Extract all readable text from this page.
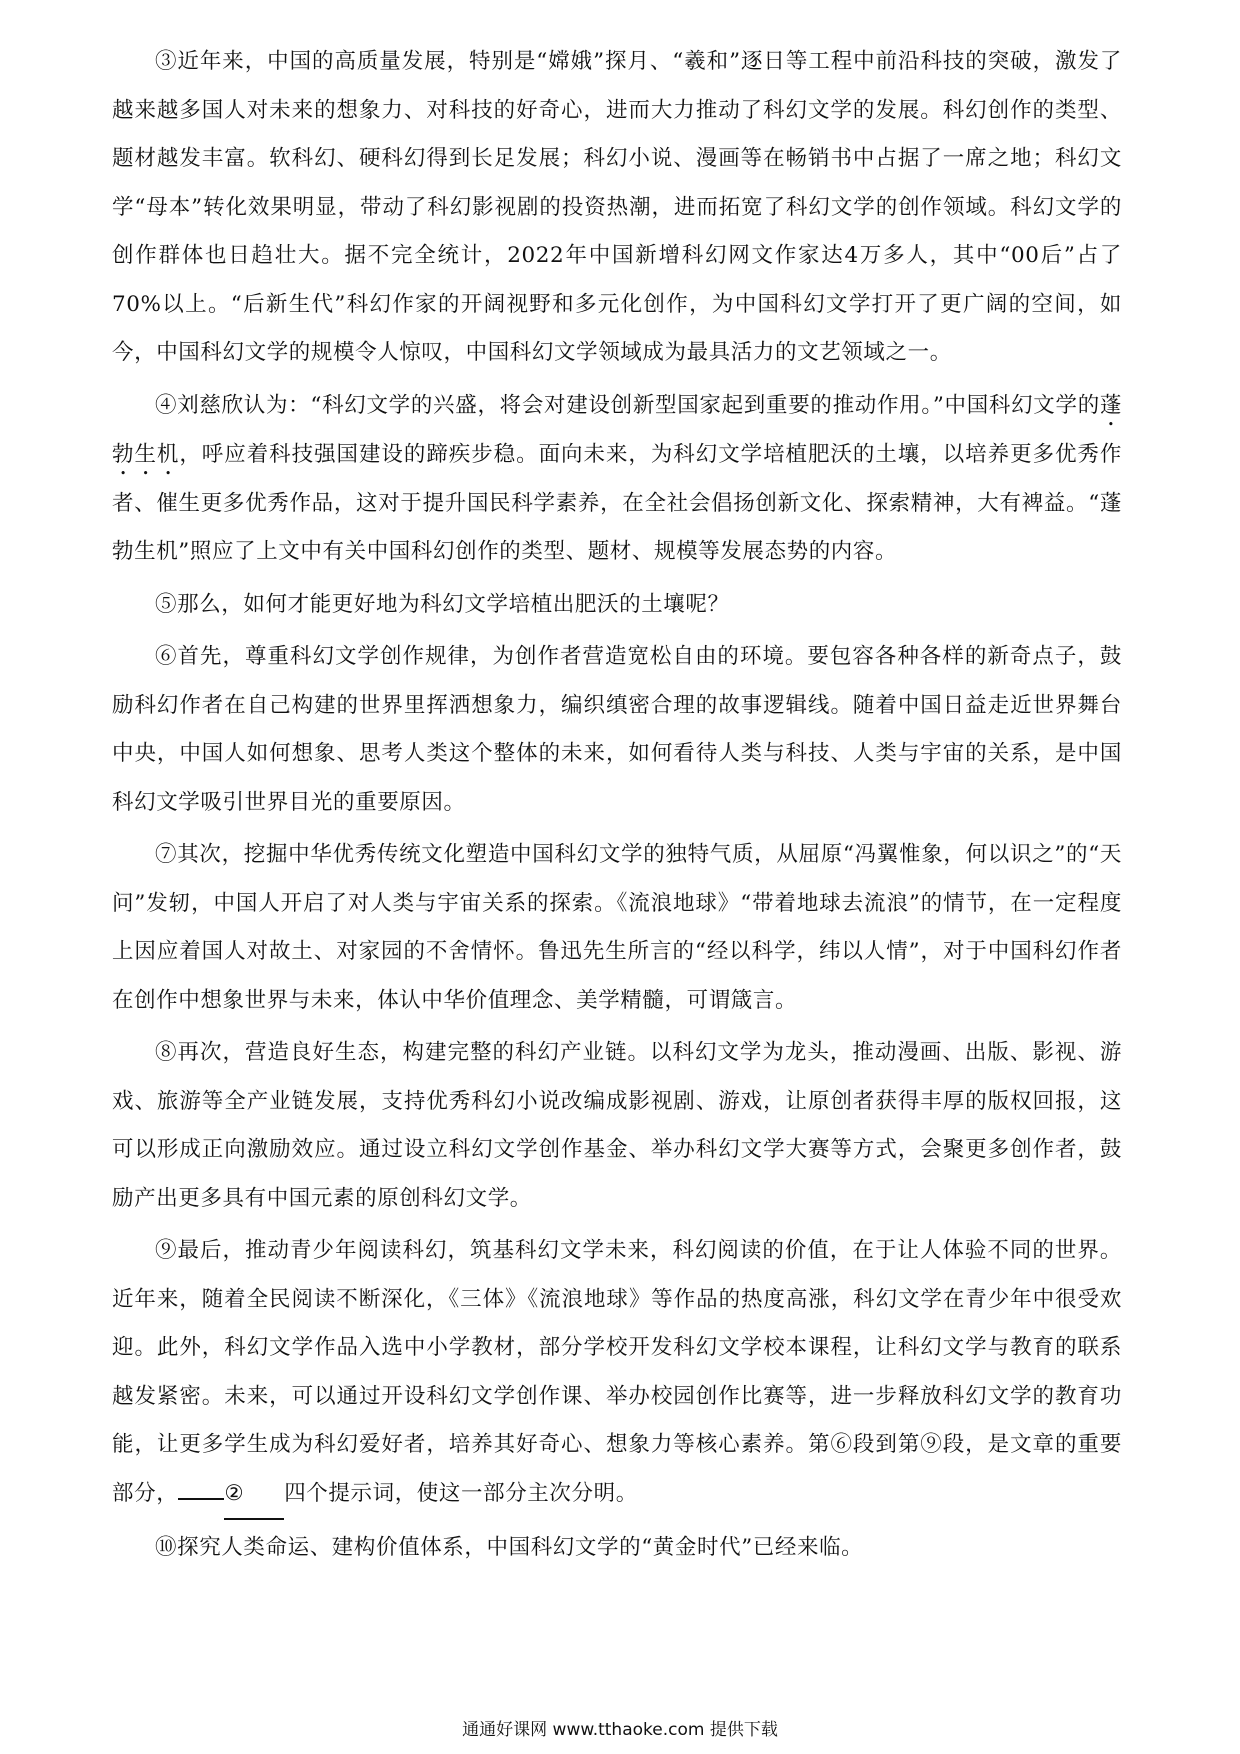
③近年来，中国的高质量发展，特别是“嫦娥”探月、“羲和”逐日等工程中前沿科技的突破，激发了越来越多国人对未来的想象力、对科技的好奇心，进而大力推动了科幻文学的发展。科幻创作的类型、题材越发丰富。软科幻、硬科幻得到长足发展；科幻小说、漫画等在畅销书中占据了一席之地；科幻文学“母本”转化效果明显，带动了科幻影视剧的投资热潮，进而拓宽了科幻文学的创作领域。科幻文学的创作群体也日趋壮大。据不完全统计，2022年中国新增科幻网文作家达4万多人，其中“00后”占了70%以上。“后新生代”科幻作家的开阔视野和多元化创作，为中国科幻文学打开了更广阔的空间，如今，中国科幻文学的规模令人惊叹，中国科幻文学领域成为最具活力的文艺领域之一。

④刘慈欣认为：“科幻文学的兴盛，将会对建设创新型国家起到重要的推动作用。”中国科幻文学的蓬勃生机，呼应着科技强国建设的蹄疾步稳。面向未来，为科幻文学培植肥沃的土壤，以培养更多优秀作者、催生更多优秀作品，这对于提升国民科学素养，在全社会倡扬创新文化、探索精神，大有裨益。“蓬勃生机”照应了上文中有关中国科幻创作的类型、题材、规模等发展态势的内容。

⑤那么，如何才能更好地为科幻文学培植出肥沃的土壤呢？

⑥首先，尊重科幻文学创作规律，为创作者营造宽松自由的环境。要包容各种各样的新奇点子，鼓励科幻作者在自己构建的世界里挥洒想象力，编织缜密合理的故事逻辑线。随着中国日益走近世界舞台中央，中国人如何想象、思考人类这个整体的未来，如何看待人类与科技、人类与宇宙的关系，是中国科幻文学吸引世界目光的重要原因。

⑦其次，挖掘中华优秀传统文化塑造中国科幻文学的独特气质，从屈原“冯翼惟象，何以识之”的“天问”发轫，中国人开启了对人类与宇宙关系的探索。《流浪地球》“带着地球去流浪”的情节，在一定程度上因应着国人对故土、对家园的不舍情怀。鲁迅先生所言的“经以科学，纬以人情”，对于中国科幻作者在创作中想象世界与未来，体认中华价值理念、美学精髓，可谓箴言。

⑧再次，营造良好生态，构建完整的科幻产业链。以科幻文学为龙头，推动漫画、出版、影视、游戏、旅游等全产业链发展，支持优秀科幻小说改编成影视剧、游戏，让原创者获得丰厚的版权回报，这可以形成正向激励效应。通过设立科幻文学创作基金、举办科幻文学大赛等方式，会聚更多创作者，鼓励产出更多具有中国元素的原创科幻文学。

⑨最后，推动青少年阅读科幻，筑基科幻文学未来，科幻阅读的价值，在于让人体验不同的世界。近年来，随着全民阅读不断深化，《三体》《流浪地球》等作品的热度高涨，科幻文学在青少年中很受欢迎。此外，科幻文学作品入选中小学教材，部分学校开发科幻文学校本课程，让科幻文学与教育的联系越发紧密。未来，可以通过开设科幻文学创作课、举办校园创作比赛等，进一步释放科幻文学的教育功能，让更多学生成为科幻爱好者，培养其好奇心、想象力等核心素养。第⑥段到第⑨段，是文章的重要部分， ② 四个提示词，使这一部分主次分明。

⑩探究人类命运、建构价值体系，中国科幻文学的“黄金时代”已经来临。

通通好课网 www.tthaoke.com 提供下载
